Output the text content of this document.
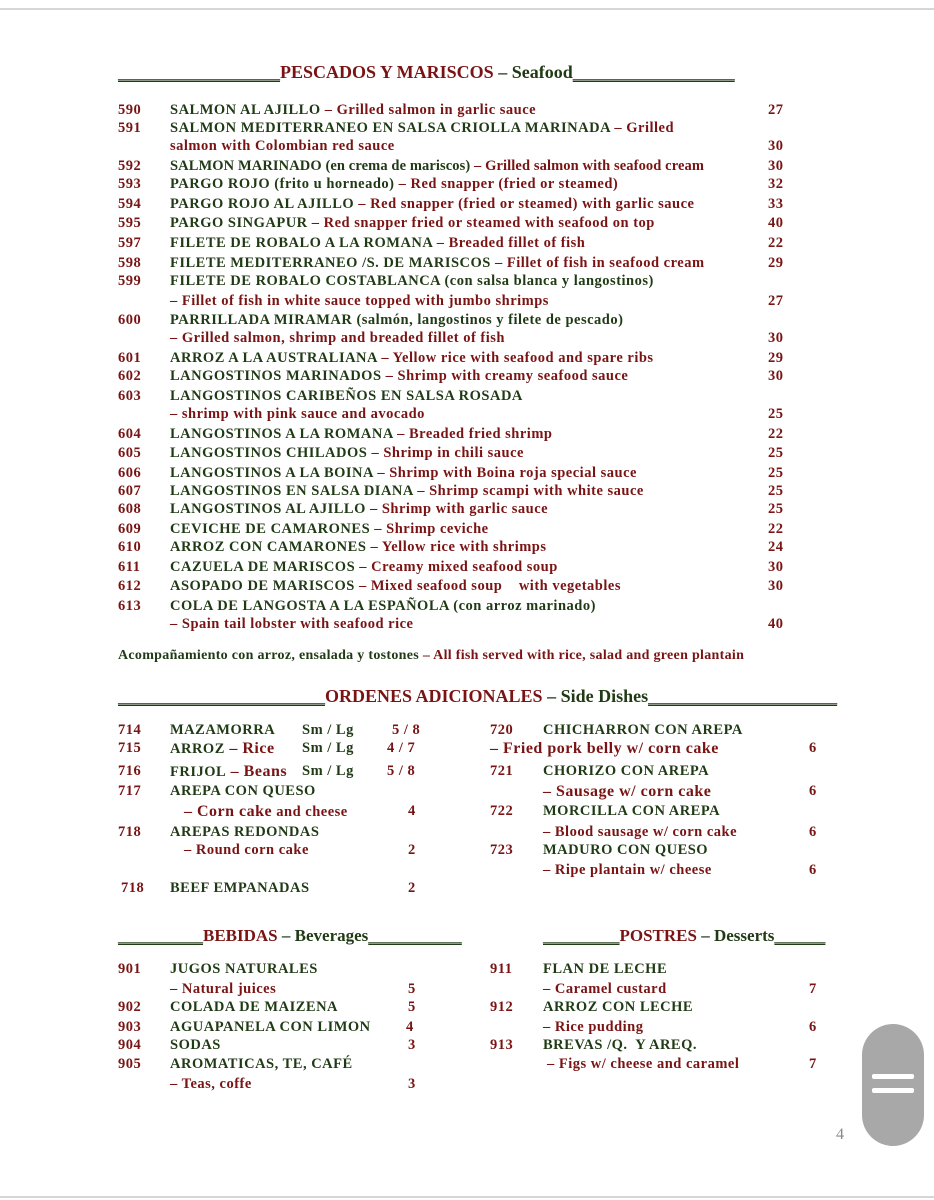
__________________PESCADOS Y MARISCOS – Seafood__________________
590 SALMON AL AJILLO – Grilled salmon in garlic sauce	27
591 SALMON MEDITERRANEO EN SALSA CRIOLLA MARINADA – Grilled
salmon with Colombian red sauce	30
592 SALMON MARINADO (en crema de mariscos) – Grilled salmon with seafood cream	30
593 PARGO ROJO (frito u horneado) – Red snapper (fried or steamed)	32
594 PARGO ROJO AL AJILLO – Red snapper (fried or steamed) with garlic sauce	33
595 PARGO SINGAPUR – Red snapper fried or steamed with seafood on top	40
597 FILETE DE ROBALO A LA ROMANA – Breaded fillet of fish	22
598 FILETE MEDITERRANEO /S. DE MARISCOS – Fillet of fish in seafood cream	29
599 FILETE DE ROBALO COSTABLANCA (con salsa blanca y langostinos)
– Fillet of fish in white sauce topped with jumbo shrimps	27
600 PARRILLADA MIRAMAR (salmón, langostinos y filete de pescado)
– Grilled salmon, shrimp and breaded fillet of fish	30
601 ARROZ A LA AUSTRALIANA – Yellow rice with seafood and spare ribs	29
602 LANGOSTINOS MARINADOS – Shrimp with creamy seafood sauce	30
603 LANGOSTINOS CARIBEÑOS EN SALSA ROSADA
– shrimp with pink sauce and avocado	25
604 LANGOSTINOS A LA ROMANA – Breaded fried shrimp	22
605 LANGOSTINOS CHILADOS – Shrimp in chili sauce	25
606 LANGOSTINOS A LA BOINA – Shrimp with Boina roja special sauce	25
607 LANGOSTINOS EN SALSA DIANA – Shrimp scampi with white sauce	25
608 LANGOSTINOS AL AJILLO – Shrimp with garlic sauce	25
609 CEVICHE DE CAMARONES – Shrimp ceviche	22
610 ARROZ CON CAMARONES – Yellow rice with shrimps	24
611 CAZUELA DE MARISCOS – Creamy mixed seafood soup	30
612 ASOPADO DE MARISCOS – Mixed seafood soup    with vegetables	30
613 COLA DE LANGOSTA A LA ESPAÑOLA (con arroz marinado)
– Spain tail lobster with seafood rice	40
Acompañamiento con arroz, ensalada y tostones – All fish served with rice, salad and green plantain
_______________________ORDENES ADICIONALES – Side Dishes_____________________
714 MAZAMORRA Sm / Lg	5 / 8
715 ARROZ – Rice Sm / Lg 4 / 7
716 FRIJOL – Beans Sm / Lg 5 / 8
717 AREPA CON QUESO
– Corn cake and cheese	4
718 AREPAS REDONDAS
– Round corn cake	2
718 BEEF EMPANADAS	2
720 CHICHARRON CON AREPA
– Fried pork belly w/ corn cake	6
721 CHORIZO CON AREPA
– Sausage w/ corn cake	6
722 MORCILLA CON AREPA
– Blood sausage w/ corn cake	6
723 MADURO CON QUESO
– Ripe plantain w/ cheese	6
__________BEBIDAS – Beverages___________	_________POSTRES – Desserts______
901 JUGOS NATURALES
– Natural juices	5
902 COLADA DE MAIZENA	5
903 AGUAPANELA CON LIMON 4
904 SODAS	3
905 AROMATICAS, TE, CAFÉ
– Teas, coffe	3
911 FLAN DE LECHE
– Caramel custard	7
912 ARROZ CON LECHE
– Rice pudding	6
913 BREVAS /Q.  Y AREQ.
– Figs w/ cheese and caramel	7
4
